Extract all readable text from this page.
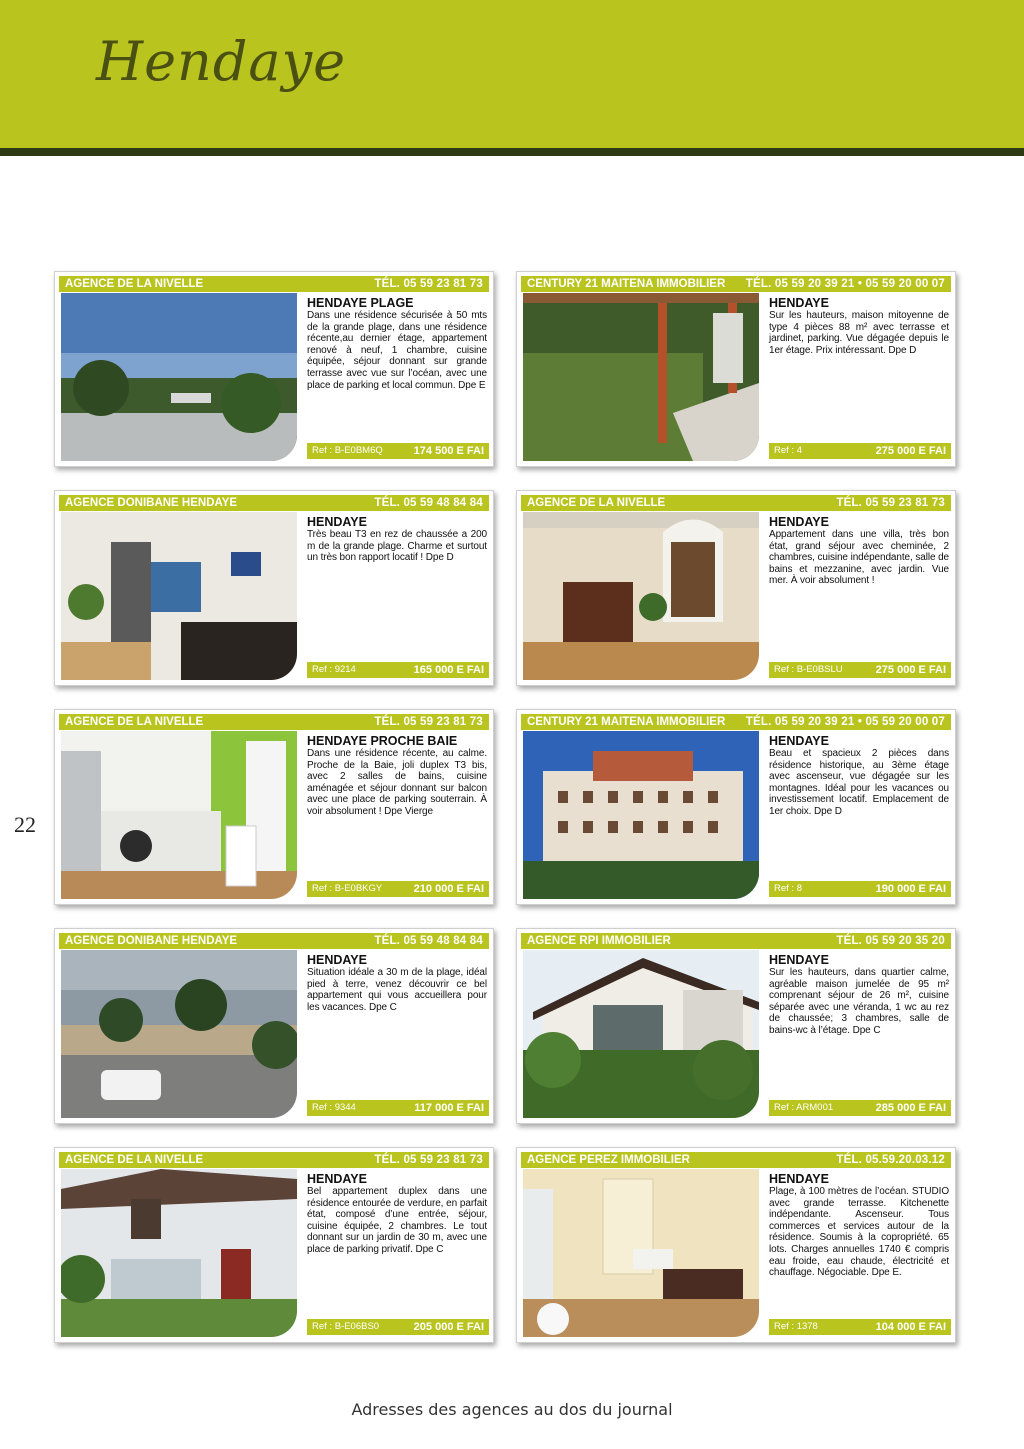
Hendaye
22
AGENCE DE LA NIVELLE	TÉL. 05 59 23 81 73
HENDAYE PLAGE
Dans une résidence sécurisée à 50 mts de la grande plage, dans une résidence récente,au dernier étage, appartement renové à neuf, 1 chambre, cuisine équipée, séjour donnant sur grande terrasse avec vue sur l’océan, avec une place de parking et local commun. Dpe E
Ref : B-E0BM6Q	174 500 E FAI
CENTURY 21 MAITENA IMMOBILIER TÉL. 05 59 20 39 21 • 05 59 20 00 07
HENDAYE
Sur les hauteurs, maison mitoyenne de type 4 pièces 88 m² avec terrasse et jardinet, parking. Vue dégagée depuis le 1er étage. Prix intéressant. Dpe D
Ref : 4	275 000 E FAI
AGENCE DONIBANE HENDAYE	TÉL. 05 59 48 84 84
HENDAYE
Très beau T3 en rez de chaussée a 200 m de la grande plage. Charme et surtout un très bon rapport locatif ! Dpe D
Ref : 9214	165 000 E FAI
AGENCE DE LA NIVELLE	TÉL. 05 59 23 81 73
HENDAYE
Appartement dans une villa, très bon état, grand séjour avec cheminée, 2 chambres, cuisine indépendante, salle de bains et mezzanine, avec jardin. Vue mer. À voir absolument !
Ref : B-E0BSLU	275 000 E FAI
AGENCE DE LA NIVELLE	TÉL. 05 59 23 81 73
HENDAYE PROCHE BAIE
Dans une résidence récente, au calme. Proche de la Baie, joli duplex T3 bis, avec 2 salles de bains, cuisine aménagée et séjour donnant sur balcon avec une place de parking souterrain. À voir absolument ! Dpe Vierge
Ref : B-E0BKGY	210 000 E FAI
CENTURY 21 MAITENA IMMOBILIER TÉL. 05 59 20 39 21 • 05 59 20 00 07
HENDAYE
Beau et spacieux 2 pièces dans résidence historique, au 3ème étage avec ascenseur, vue dégagée sur les montagnes. Idéal pour les vacances ou investissement locatif. Emplacement de 1er choix. Dpe D
Ref : 8	190 000 E FAI
AGENCE DONIBANE HENDAYE	TÉL. 05 59 48 84 84
HENDAYE
Situation idéale a 30 m de la plage, idéal pied à terre, venez découvrir ce bel appartement qui vous accueillera pour les vacances. Dpe C
Ref : 9344	117 000 E FAI
AGENCE RPI IMMOBILIER	TÉL. 05 59 20 35 20
HENDAYE
Sur les hauteurs, dans quartier calme, agréable maison jumelée de 95 m² comprenant séjour de 26 m², cuisine séparée avec une véranda, 1 wc au rez de chaussée; 3 chambres, salle de bains-wc à l’étage. Dpe C
Ref : ARM001	285 000 E FAI
AGENCE DE LA NIVELLE	TÉL. 05 59 23 81 73
HENDAYE
Bel appartement duplex dans une résidence entourée de verdure, en parfait état, composé d’une entrée, séjour, cuisine équipée, 2 chambres. Le tout donnant sur un jardin de 30 m, avec une place de parking privatif. Dpe C
Ref : B-E06BS0	205 000 E FAI
AGENCE PEREZ IMMOBILIER	TÉL. 05.59.20.03.12
HENDAYE
Plage, à 100 mètres de l’océan. STUDIO avec grande terrasse. Kitchenette indépendante. Ascenseur. Tous commerces et services autour de la résidence. Soumis à la copropriété. 65 lots. Charges annuelles 1740 € compris eau froide, eau chaude, électricité et chauffage. Négociable. Dpe E.
Ref : 1378	104 000 E FAI
Adresses des agences au dos du journal
